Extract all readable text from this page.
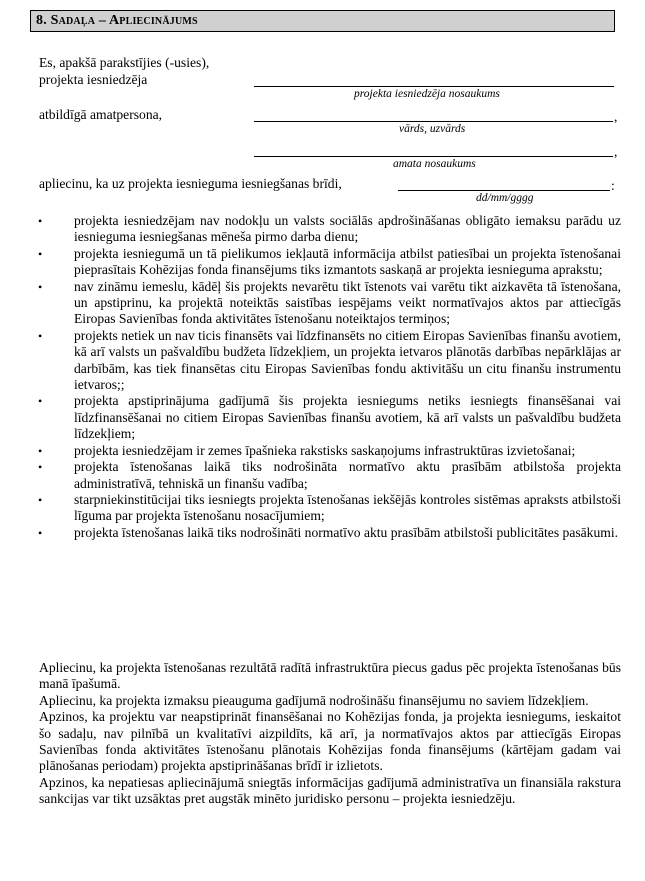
8. Sadaļa – Apliecinājums
Es, apakšā parakstījies (-usies),
projekta iesniedzēja
projekta iesniedzēja nosaukums
atbildīgā amatpersona,	,
vārds, uzvārds
,
amata nosaukums
apliecinu, ka uz projekta iesnieguma iesniegšanas brīdi,	:
dd/mm/gggg
• projekta iesniedzējam nav nodokļu un valsts sociālās apdrošināšanas obligāto iemaksu parādu uz iesnieguma iesniegšanas mēneša pirmo darba dienu;
• projekta iesniegumā un tā pielikumos iekļautā informācija atbilst patiesībai un projekta īstenošanai pieprasītais Kohēzijas fonda finansējums tiks izmantots saskaņā ar projekta iesnieguma aprakstu;
• nav zināmu iemeslu, kādēļ šis projekts nevarētu tikt īstenots vai varētu tikt aizkavēta tā īstenošana, un apstiprinu, ka projektā noteiktās saistības iespējams veikt normatīvajos aktos par attiecīgās Eiropas Savienības fonda aktivitātes īstenošanu noteiktajos termiņos;
• projekts netiek un nav ticis finansēts vai līdzfinansēts no citiem Eiropas Savienības finanšu avotiem, kā arī valsts un pašvaldību budžeta līdzekļiem, un projekta ietvaros plānotās darbības nepārklājas ar darbībām, kas tiek finansētas citu Eiropas Savienības fondu aktivitāšu un citu finanšu instrumentu ietvaros;;
• projekta apstiprinājuma gadījumā šis projekta iesniegums netiks iesniegts finansēšanai vai līdzfinansēšanai no citiem Eiropas Savienības finanšu avotiem, kā arī valsts un pašvaldību budžeta līdzekļiem;
• projekta iesniedzējam ir zemes īpašnieka rakstisks saskaņojums infrastruktūras izvietošanai;
• projekta īstenošanas laikā tiks nodrošināta normatīvo aktu prasībām atbilstoša projekta administratīvā, tehniskā un finanšu vadība;
• starpniekinstitūcijai tiks iesniegts projekta īstenošanas iekšējās kontroles sistēmas apraksts atbilstoši līguma par projekta īstenošanu nosacījumiem;
• projekta īstenošanas laikā tiks nodrošināti normatīvo aktu prasībām atbilstoši publicitātes pasākumi.

Apliecinu, ka projekta īstenošanas rezultātā radītā infrastruktūra piecus gadus pēc projekta īstenošanas būs manā īpašumā.

Apliecinu, ka projekta izmaksu pieauguma gadījumā nodrošināšu finansējumu no saviem līdzekļiem.

Apzinos, ka projektu var neapstiprināt finansēšanai no Kohēzijas fonda, ja projekta iesniegums, ieskaitot šo sadaļu, nav pilnībā un kvalitatīvi aizpildīts, kā arī, ja normatīvajos aktos par attiecīgās Eiropas Savienības fonda aktivitātes īstenošanu plānotais Kohēzijas fonda finansējums (kārtējam gadam vai plānošanas periodam) projekta apstiprināšanas brīdī ir izlietots.

Apzinos, ka nepatiesas apliecinājumā sniegtās informācijas gadījumā administratīva un finansiāla rakstura sankcijas var tikt uzsāktas pret augstāk minēto juridisko personu – projekta iesniedzēju.
